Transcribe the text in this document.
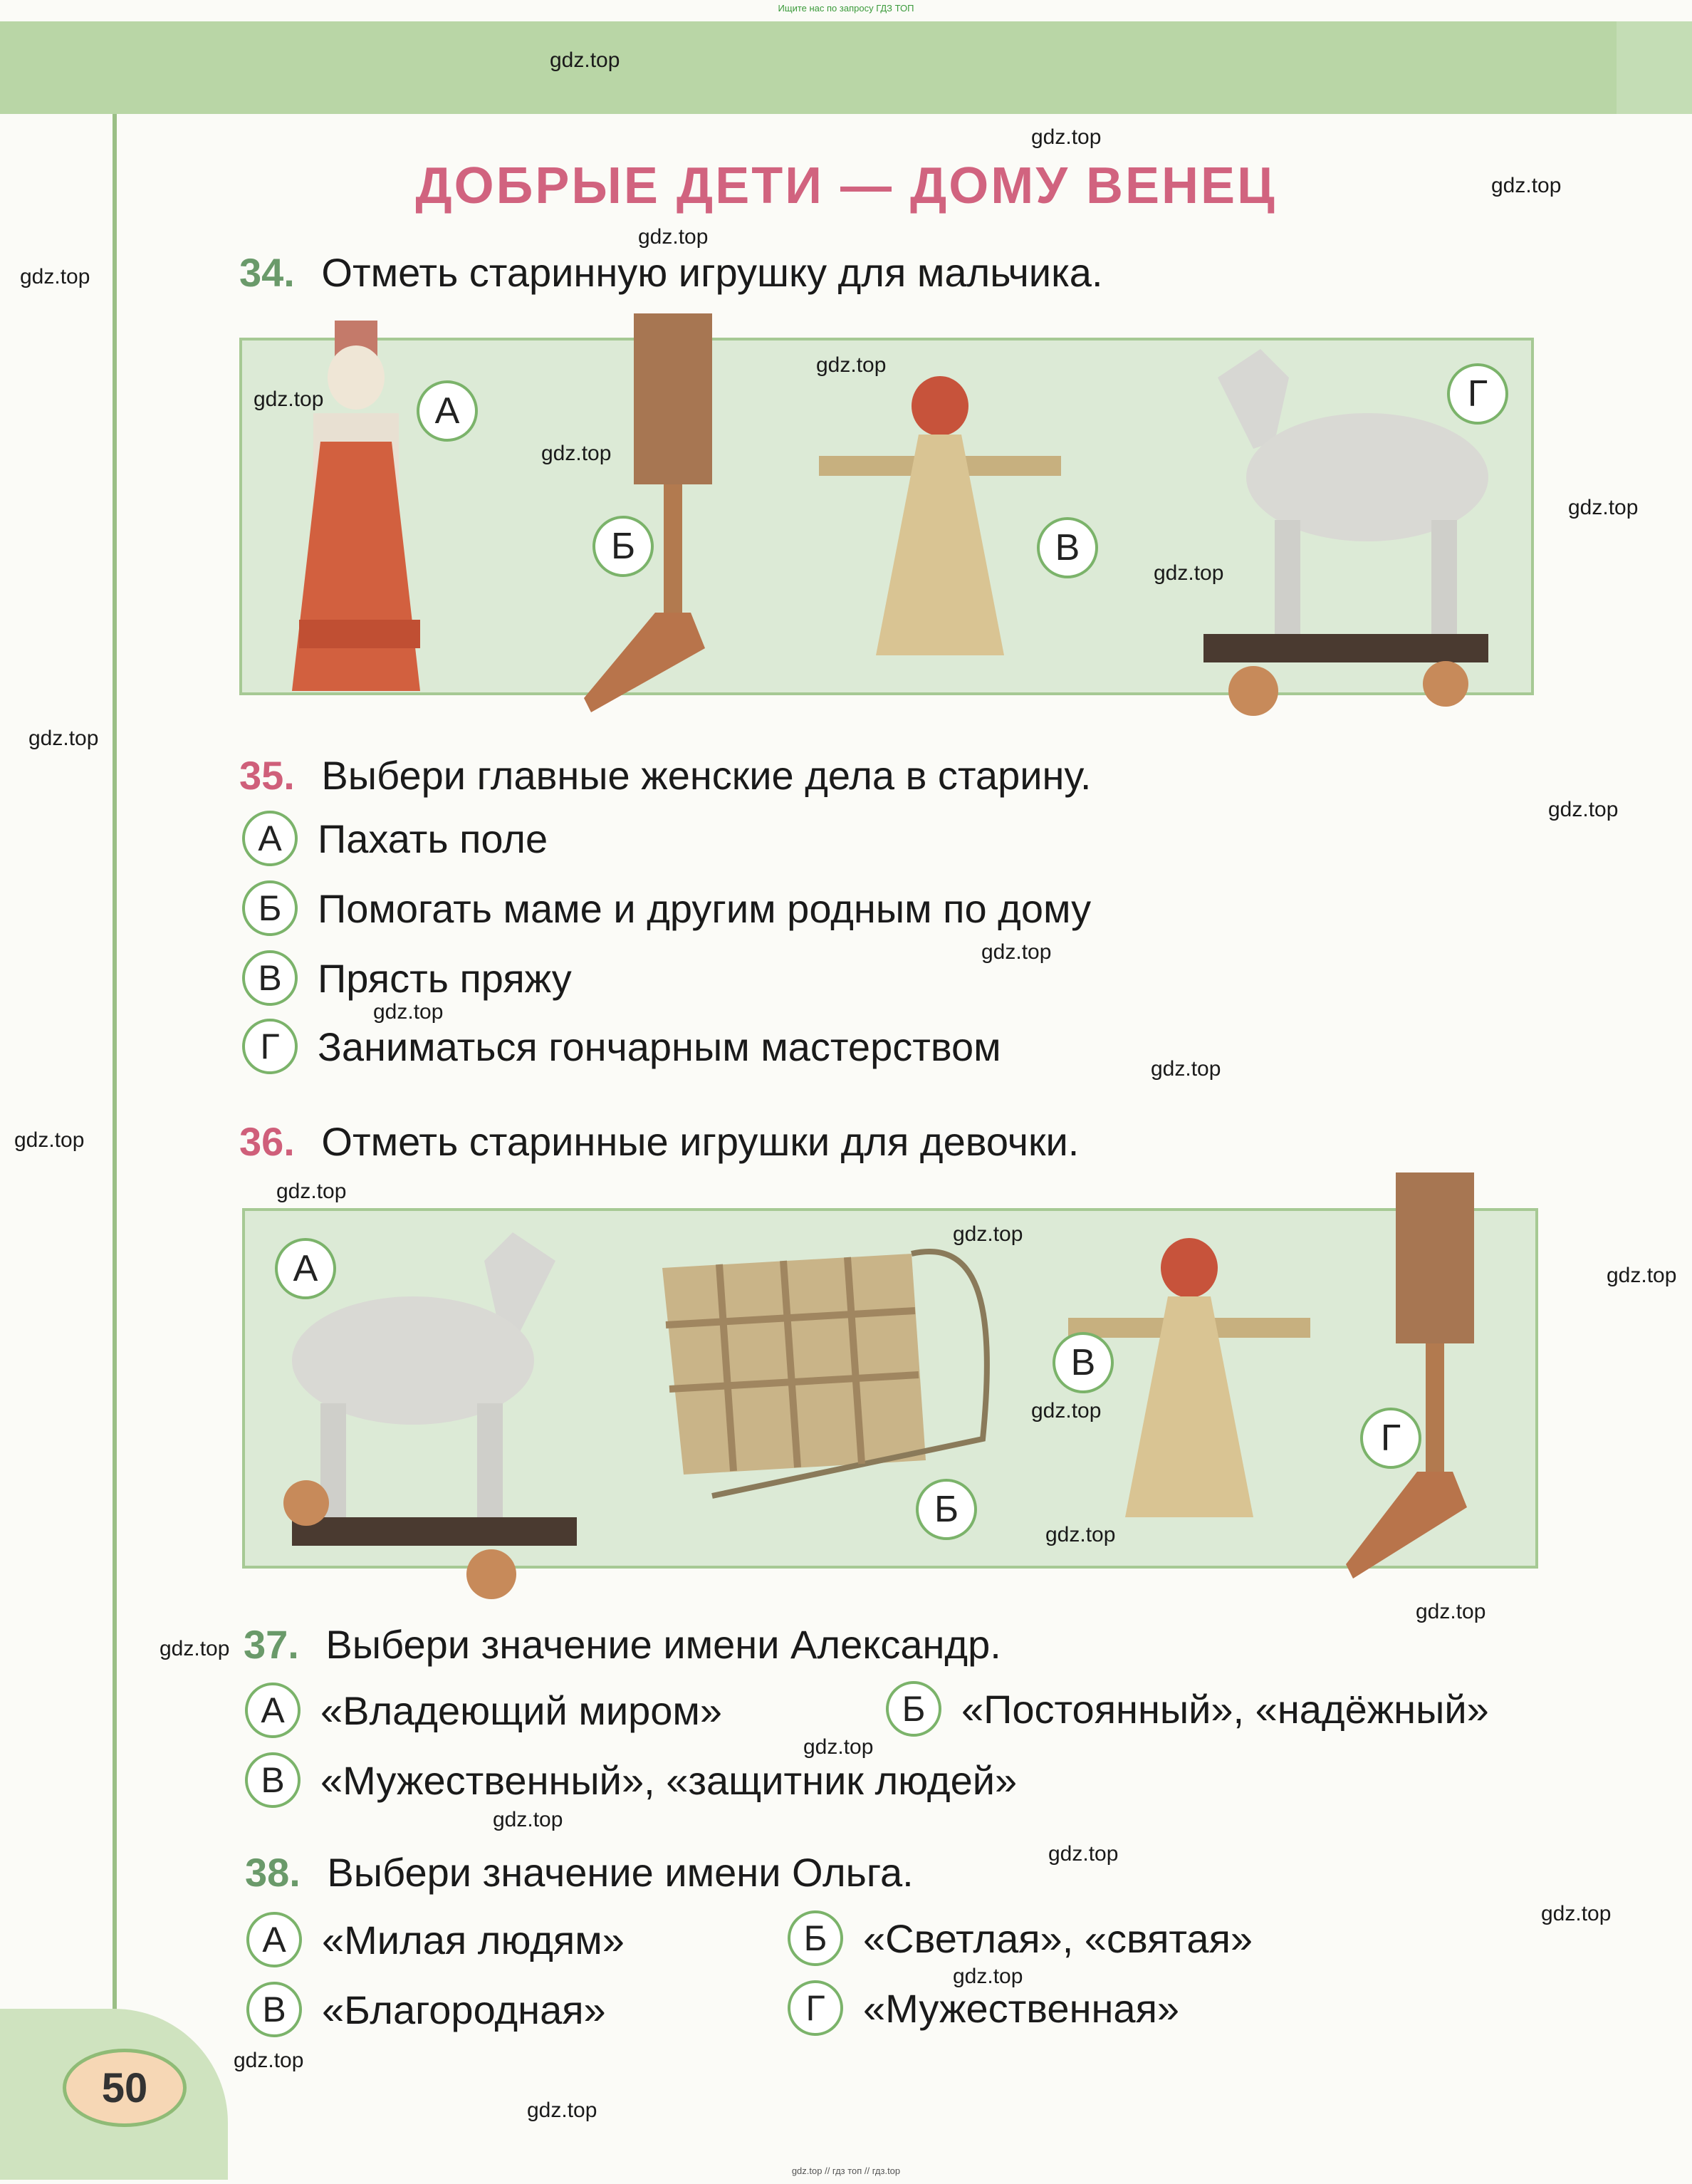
Ищите нас по запросу ГДЗ ТОП
50
gdz.top // гдз топ // гдз.top
ДОБРЫЕ ДЕТИ — ДОМУ ВЕНЕЦ
34. Отметь старинную игрушку для мальчика.
А
Б	В
Г
35. Выбери главные женские дела в старину.
А Пахать поле
Б Помогать маме и другим родным по дому
В Прясть пряжу
Г Заниматься гончарным мастерством
36. Отметь старинные игрушки для девочки.
А
Б
В
Г
37. Выбери значение имени Александр.
А «Владеющий миром»	Б «Постоянный», «надёжный»
В «Мужественный», «защитник людей»
38. Выбери значение имени Ольга.
А «Милая людям»	Б «Светлая», «святая»
В «Благородная»	Г «Мужественная»
gdz.top
gdz.top
gdz.top
gdz.top
gdz.top
gdz.top
gdz.top
gdz.top
gdz.top
gdz.top
gdz.top
gdz.top
gdz.top
gdz.top
gdz.top
gdz.top
gdz.top
gdz.top
gdz.top
gdz.top
gdz.top
gdz.top
gdz.top
gdz.top
gdz.top
gdz.top
gdz.top
gdz.top
gdz.top
gdz.top
